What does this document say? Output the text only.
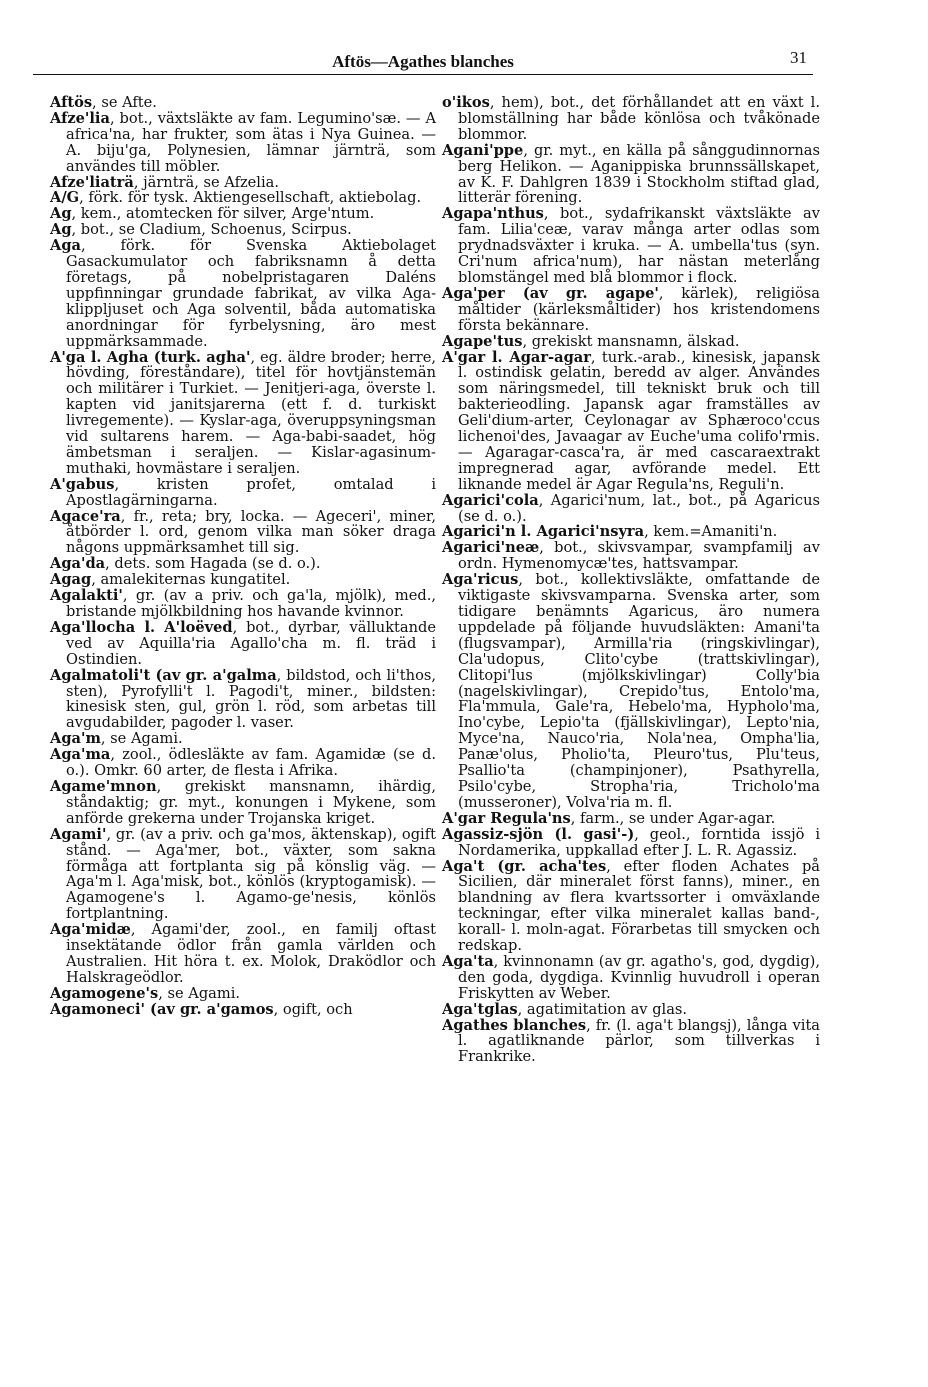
Aftös—Agathes blanches	31

Aftös, se Afte.

Afze'lia, bot., växtsläkte av fam. Legumino'sæ. — A africa'na, har frukter, som ätas i Nya Guinea. — A. biju'ga, Polynesien, lämnar järnträ, som användes till möbler.

Afze'liaträ, järnträ, se Afzelia.

A/G, förk. för tysk. Aktiengesellschaft, aktiebolag.

Ag, kem., atomtecken för silver, Arge'ntum.

Ag, bot., se Cladium, Schoenus, Scirpus.

Aga, förk. för Svenska Aktiebolaget Gasackumulator och fabriksnamn å detta företags, på nobelpristagaren Daléns uppfinningar grundade fabrikat, av vilka Aga-klippljuset och Aga solventil, båda automatiska anordningar för fyrbelysning, äro mest uppmärksammade.

A'ga l. Agha (turk. agha', eg. äldre broder; herre, hövding, föreståndare), titel för hovtjänstemän och militärer i Turkiet. — Jenitjeri-aga, överste l. kapten vid janitsjarerna (ett f. d. turkiskt livregemente). — Kyslar-aga, överuppsyningsman vid sultarens harem. — Aga-babi-saadet, hög ämbetsman i seraljen. — Kislar-agasinum-muthaki, hovmästare i seraljen.

A'gabus, kristen profet, omtalad i Apostlagärningarna.

Agace'ra, fr., reta; bry, locka. — Ageceri', miner, åtbörder l. ord, genom vilka man söker draga någons uppmärksamhet till sig.

Aga'da, dets. som Hagada (se d. o.).

Agag, amalekiternas kungatitel.

Agalakti', gr. (av a priv. och ga'la, mjölk), med., bristande mjölkbildning hos havande kvinnor.

Aga'llocha l. A'loëved, bot., dyrbar, välluktande ved av Aquilla'ria Agallo'cha m. fl. träd i Ostindien.

Agalmatoli't (av gr. a'galma, bildstod, och li'thos, sten), Pyrofylli't l. Pagodi't, miner., bildsten: kinesisk sten, gul, grön l. röd, som arbetas till avgudabilder, pagoder l. vaser.

Aga'm, se Agami.

Aga'ma, zool., ödlesläkte av fam. Agamidæ (se d. o.). Omkr. 60 arter, de flesta i Afrika.

Agame'mnon, grekiskt mansnamn, ihärdig, ståndaktig; gr. myt., konungen i Mykene, som anförde grekerna under Trojanska kriget.

Agami', gr. (av a priv. och ga'mos, äktenskap), ogift stånd. — Aga'mer, bot., växter, som sakna förmåga att fortplanta sig på könslig väg. — Aga'm l. Aga'misk, bot., könlös (kryptogamisk). — Agamogene's l. Agamo-ge'nesis, könlös fortplantning.

Aga'midæ, Agami'der, zool., en familj oftast insektätande ödlor från gamla världen och Australien. Hit höra t. ex. Molok, Draködlor och Halskrageödlor.

Agamogene's, se Agami.

Agamoneci' (av gr. a'gamos, ogift, och

o'ikos, hem), bot., det förhållandet att en växt l. blomställning har både könlösa och tvåkönade blommor.

Agani'ppe, gr. myt., en källa på sånggudinnornas berg Helikon. — Aganippiska brunnssällskapet, av K. F. Dahlgren 1839 i Stockholm stiftad glad, litterär förening.

Agapa'nthus, bot., sydafrikanskt växtsläkte av fam. Lilia'ceæ, varav många arter odlas som prydnadsväxter i kruka. — A. umbella'tus (syn. Cri'num africa'num), har nästan meterlång blomstängel med blå blommor i flock.

Aga'per (av gr. agape', kärlek), religiösa måltider (kärleksmåltider) hos kristendomens första bekännare.

Agape'tus, grekiskt mansnamn, älskad.

A'gar l. Agar-agar, turk.-arab., kinesisk, japansk l. ostindisk gelatin, beredd av alger. Användes som näringsmedel, till tekniskt bruk och till bakterieodling. Japansk agar framställes av Geli'dium-arter, Ceylonagar av Sphæroco'ccus lichenoi'des, Javaagar av Euche'uma colifo'rmis. — Agaragar-casca'ra, är med cascaraextrakt impregnerad agar, avförande medel. Ett liknande medel är Agar Regula'ns, Reguli'n.

Agarici'cola, Agarici'num, lat., bot., på Agaricus (se d. o.).

Agarici'n l. Agarici'nsyra, kem.=Amaniti'n.

Agarici'neæ, bot., skivsvampar, svampfamilj av ordn. Hymenomycæ'tes, hattsvampar.

Aga'ricus, bot., kollektivsläkte, omfattande de viktigaste skivsvamparna. Svenska arter, som tidigare benämnts Agaricus, äro numera uppdelade på följande huvudsläkten: Amani'ta (flugsvampar), Armilla'ria (ringskivlingar), Cla'udopus, Clito'cybe (trattskivlingar), Clitopi'lus (mjölkskivlingar) Colly'bia (nagelskivlingar), Crepido'tus, Entolo'ma, Fla'mmula, Gale'ra, Hebelo'ma, Hypholo'ma, Ino'cybe, Lepio'ta (fjällskivlingar), Lepto'nia, Myce'na, Nauco'ria, Nola'nea, Ompha'lia, Panæ'olus, Pholio'ta, Pleuro'tus, Plu'teus, Psallio'ta (champinjoner), Psathyrella, Psilo'cybe, Stropha'ria, Tricholo'ma (musseroner), Volva'ria m. fl.

A'gar Regula'ns, farm., se under Agar-agar.

Agassiz-sjön (l. gasi'-), geol., forntida issjö i Nordamerika, uppkallad efter J. L. R. Agassiz.

Aga't (gr. acha'tes, efter floden Achates på Sicilien, där mineralet först fanns), miner., en blandning av flera kvartssorter i omväxlande teckningar, efter vilka mineralet kallas band-, korall- l. moln-agat. Förarbetas till smycken och redskap.

Aga'ta, kvinnonamn (av gr. agatho's, god, dygdig), den goda, dygdiga. Kvinnlig huvudroll i operan Friskytten av Weber.

Aga'tglas, agatimitation av glas.

Agathes blanches, fr. (l. aga't blangsj), långa vita l. agatliknande pärlor, som tillverkas i Frankrike.
